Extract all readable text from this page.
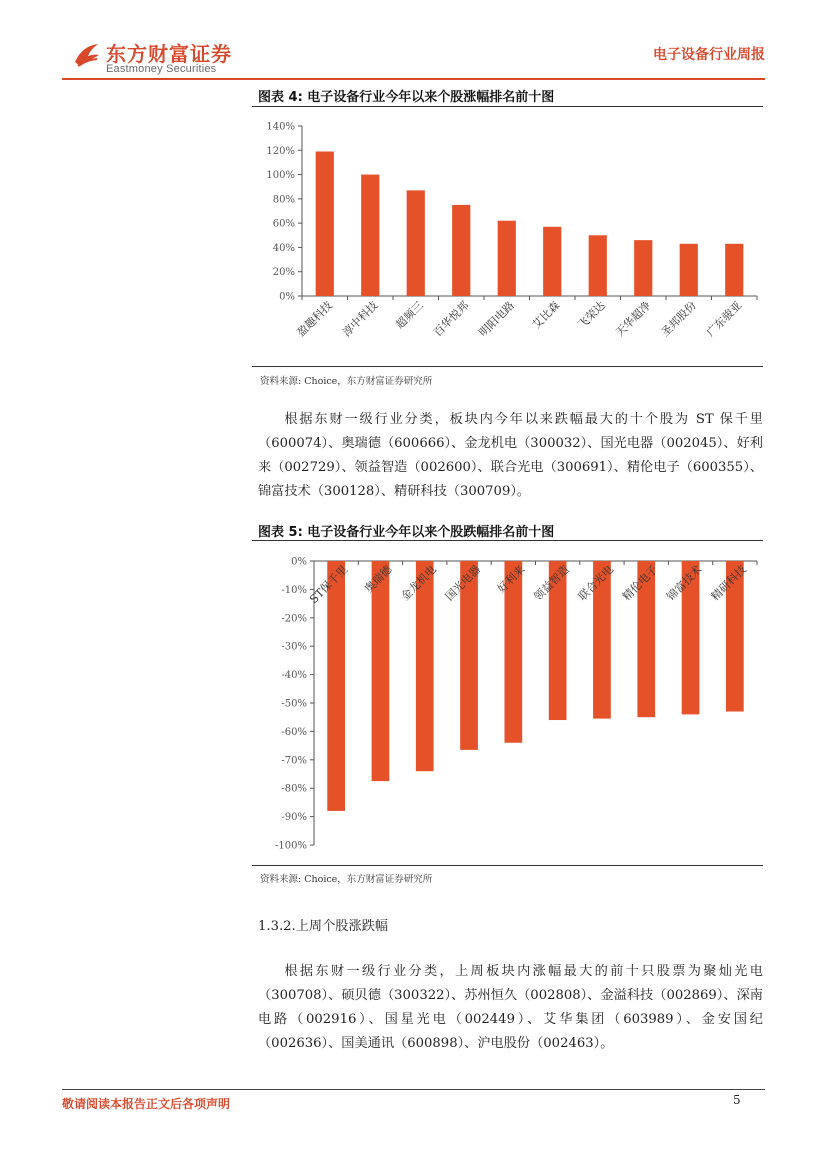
东方财富证券
Eastmoney Securities
电子设备行业周报
图表 4: 电子设备行业今年以来个股涨幅排名前十图
0%
20%
40%
60%
80%
100%
120%
140%
盈趣科技 淳中科技 超频三 百华悦邦 明阳电路 艾比森 飞荣达 天华超净 圣邦股份 广东骏亚
资料来源: Choice，东方财富证券研究所
根据东财一级行业分类，板块内今年以来跌幅最大的十个股为 ST 保千里（600074）、奥瑞德（600666）、金龙机电（300032）、国光电器（002045）、好利来（002729）、领益智造（002600）、联合光电（300691）、精伦电子（600355）、锦富技术（300128）、精研科技（300709）。
图表 5: 电子设备行业今年以来个股跌幅排名前十图
0%
-10%
-20%
-30%
-40%
-50%
-60%
-70%
-80%
-90%
-100%
ST保千里 奥瑞德 金龙机电 国光电器 好利来 领益智造 联合光电 精伦电子 锦富技术 精研科技
资料来源: Choice，东方财富证券研究所
1.3.2.上周个股涨跌幅
根据东财一级行业分类，上周板块内涨幅最大的前十只股票为聚灿光电（300708）、硕贝德（300322）、苏州恒久（002808）、金溢科技（002869）、深南电路（002916）、国星光电（002449）、艾华集团（603989）、金安国纪（002636）、国美通讯（600898）、沪电股份（002463）。
敬请阅读本报告正文后各项声明	5
